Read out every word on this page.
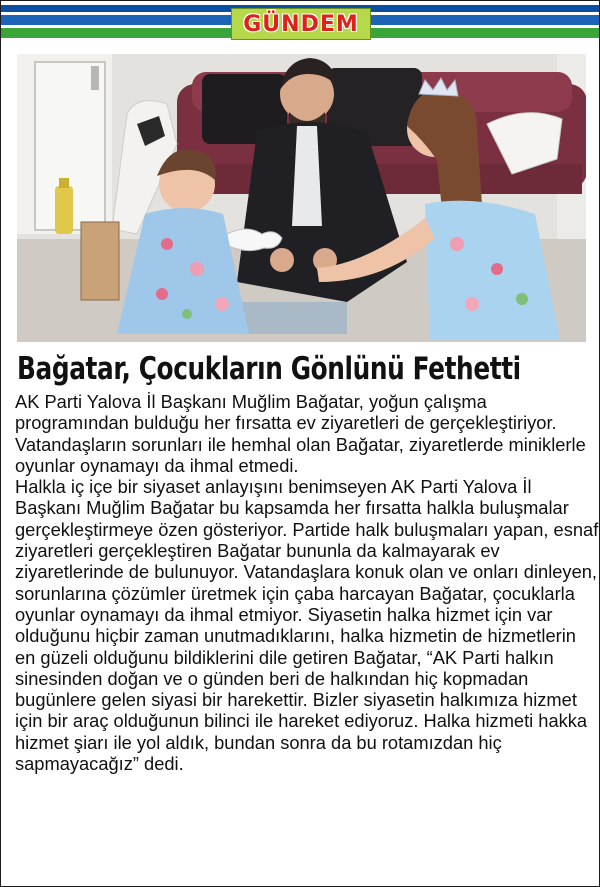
GÜNDEM
Bağatar, Çocukların Gönlünü Fethetti

AK Parti Yalova İl Başkanı Muğlim Bağatar, yoğun çalışma programından bulduğu her fırsatta ev ziyaretleri de gerçekleştiriyor. Vatandaşların sorunları ile hemhal olan Bağatar, ziyaretlerde miniklerle oyunlar oynamayı da ihmal etmedi.

Halkla iç içe bir siyaset anlayışını benimseyen AK Parti Yalova İl Başkanı Muğlim Bağatar bu kapsamda her fırsatta halkla buluşmalar gerçekleştirmeye özen gösteriyor. Partide halk buluşmaları yapan, esnaf ziyaretleri gerçekleştiren Bağatar bununla da kalmayarak ev ziyaretlerinde de bulunuyor. Vatandaşlara konuk olan ve onları dinleyen, sorunlarına çözümler üretmek için çaba harcayan Bağatar, çocuklarla oyunlar oynamayı da ihmal etmiyor. Siyasetin halka hizmet için var olduğunu hiçbir zaman unutmadıklarını, halka hizmetin de hizmetlerin en güzeli olduğunu bildiklerini dile getiren Bağatar, “AK Parti halkın sinesinden doğan ve o günden beri de halkından hiç kopmadan bugünlere gelen siyasi bir harekettir. Bizler siyasetin halkımıza hizmet için bir araç olduğunun bilinci ile hareket ediyoruz. Halka hizmeti hakka hizmet şiarı ile yol aldık, bundan sonra da bu rotamızdan hiç sapmayacağız” dedi.
